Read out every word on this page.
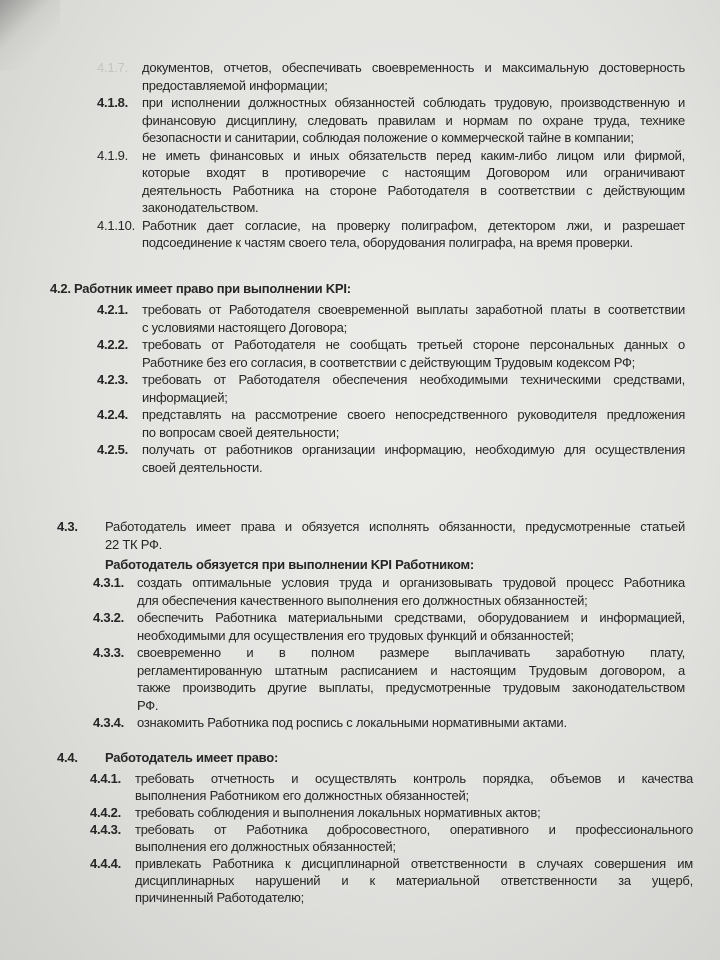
4.1.7. документов, отчетов, обеспечивать своевременность и максимальную достоверность
предоставляемой информации;
4.1.8. при исполнении должностных обязанностей соблюдать трудовую, производственную и
финансовую дисциплину, следовать правилам и нормам по охране труда, технике
безопасности и санитарии, соблюдая положение о коммерческой тайне в компании;
4.1.9. не иметь финансовых и иных обязательств перед каким-либо лицом или фирмой,
которые входят в противоречие с настоящим Договором или ограничивают
деятельность Работника на стороне Работодателя в соответствии с действующим
законодательством.
4.1.10. Работник дает согласие, на проверку полиграфом, детектором лжи, и разрешает
подсоединение к частям своего тела, оборудования полиграфа, на время проверки.
4.2. Работник имеет право при выполнении KPI:
4.2.1. требовать от Работодателя своевременной выплаты заработной платы в соответствии
с условиями настоящего Договора;
4.2.2. требовать от Работодателя не сообщать третьей стороне персональных данных о
Работнике без его согласия, в соответствии с действующим Трудовым кодексом РФ;
4.2.3. требовать от Работодателя обеспечения необходимыми техническими средствами,
информацией;
4.2.4. представлять на рассмотрение своего непосредственного руководителя предложения
по вопросам своей деятельности;
4.2.5. получать от работников организации информацию, необходимую для осуществления
своей деятельности.
4.3. Работодатель имеет права и обязуется исполнять обязанности, предусмотренные статьей
22 ТК РФ.
Работодатель обязуется при выполнении KPI Работником:
4.3.1. создать оптимальные условия труда и организовывать трудовой процесс Работника
для обеспечения качественного выполнения его должностных обязанностей;
4.3.2. обеспечить Работника материальными средствами, оборудованием и информацией,
необходимыми для осуществления его трудовых функций и обязанностей;
4.3.3. своевременно и в полном размере выплачивать заработную плату,
регламентированную штатным расписанием и настоящим Трудовым договором, а
также производить другие выплаты, предусмотренные трудовым законодательством
РФ.
4.3.4. ознакомить Работника под роспись с локальными нормативными актами.
4.4. Работодатель имеет право:
4.4.1. требовать отчетность и осуществлять контроль порядка, объемов и качества
выполнения Работником его должностных обязанностей;
4.4.2. требовать соблюдения и выполнения локальных нормативных актов;
4.4.3. требовать от Работника добросовестного, оперативного и профессионального
выполнения его должностных обязанностей;
4.4.4. привлекать Работника к дисциплинарной ответственности в случаях совершения им
дисциплинарных нарушений и к материальной ответственности за ущерб,
причиненный Работодателю;
